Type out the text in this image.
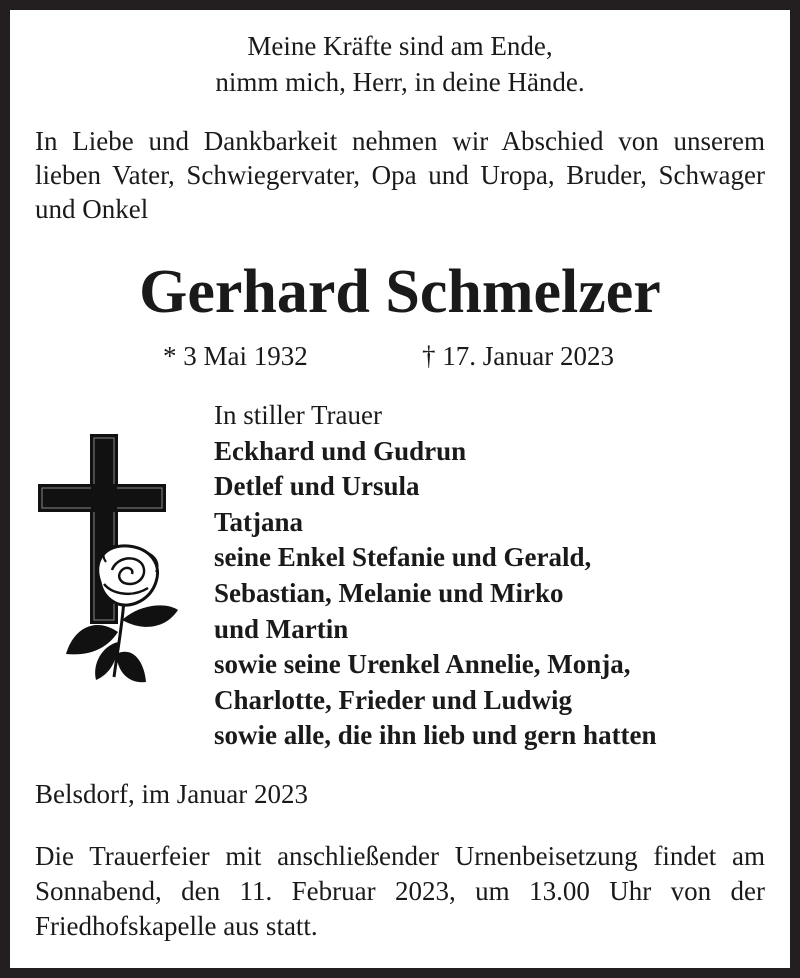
Meine Kräfte sind am Ende,
nimm mich, Herr, in deine Hände.
In Liebe und Dankbarkeit nehmen wir Abschied von unserem lieben Vater, Schwiegervater, Opa und Uropa, Bruder, Schwager und Onkel
Gerhard Schmelzer
* 3 Mai 1932	† 17. Januar 2023
In stiller Trauer
Eckhard und Gudrun
Detlef und Ursula
Tatjana
seine Enkel Stefanie und Gerald,
Sebastian, Melanie und Mirko
und Martin
sowie seine Urenkel Annelie, Monja,
Charlotte, Frieder und Ludwig
sowie alle, die ihn lieb und gern hatten
Belsdorf, im Januar 2023
Die Trauerfeier mit anschließender Urnenbeisetzung findet am Sonnabend, den 11. Februar 2023, um 13.00 Uhr von der Friedhofskapelle aus statt.
